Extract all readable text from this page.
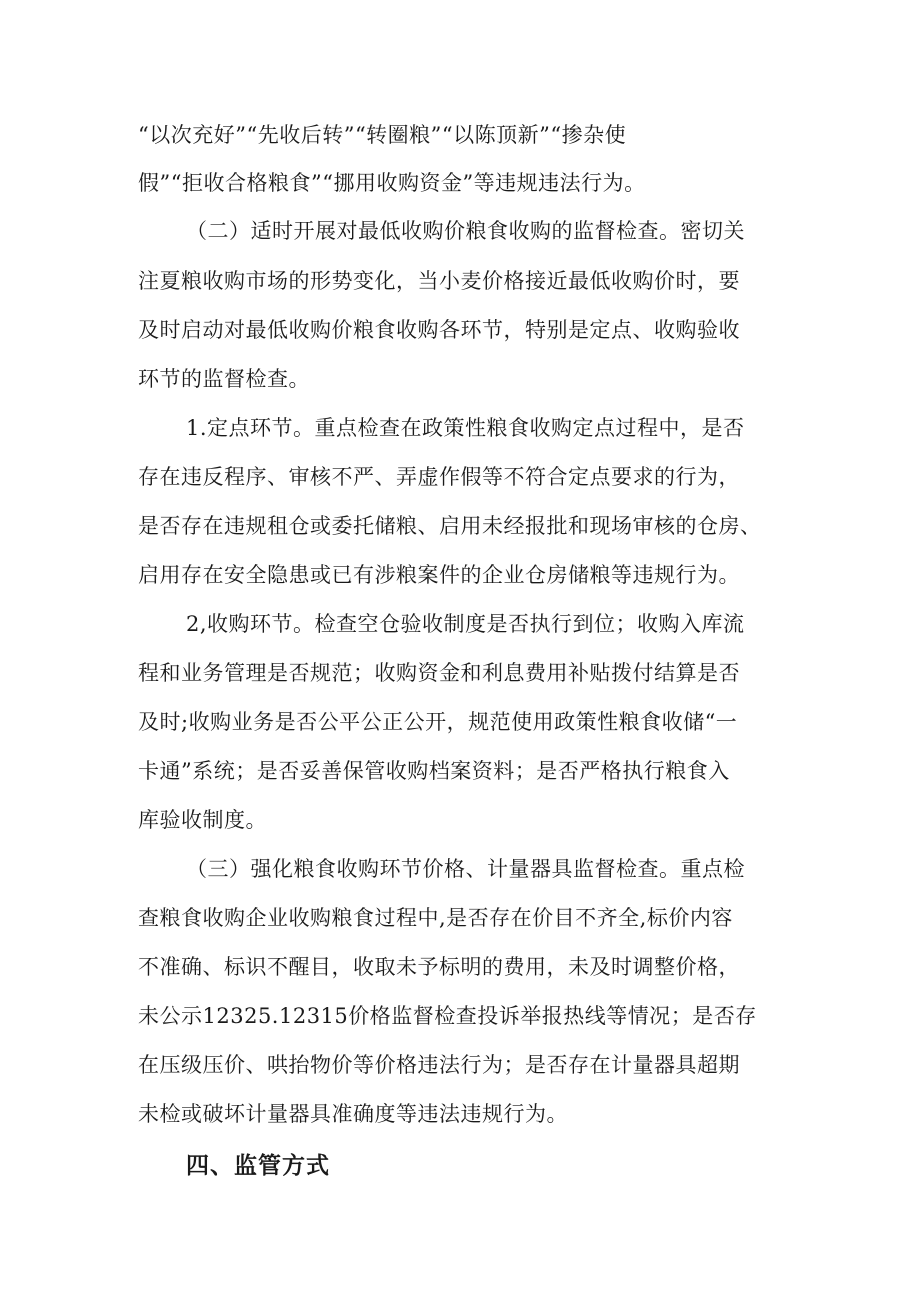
“以次充好”“先收后转”“转圈粮”“以陈顶新”“掺杂使
假”“拒收合格粮食”“挪用收购资金”等违规违法行为。
（二）适时开展对最低收购价粮食收购的监督检查。密切关
注夏粮收购市场的形势变化，当小麦价格接近最低收购价时，要
及时启动对最低收购价粮食收购各环节，特别是定点、收购验收
环节的监督检查。
1.定点环节。重点检查在政策性粮食收购定点过程中，是否
存在违反程序、审核不严、弄虚作假等不符合定点要求的行为，
是否存在违规租仓或委托储粮、启用未经报批和现场审核的仓房、
启用存在安全隐患或已有涉粮案件的企业仓房储粮等违规行为。
2,收购环节。检查空仓验收制度是否执行到位；收购入库流
程和业务管理是否规范；收购资金和利息费用补贴拨付结算是否
及时;收购业务是否公平公正公开，规范使用政策性粮食收储“一
卡通”系统；是否妥善保管收购档案资料；是否严格执行粮食入
库验收制度。
（三）强化粮食收购环节价格、计量器具监督检查。重点检
查粮食收购企业收购粮食过程中,是否存在价目不齐全,标价内容
不准确、标识不醒目，收取未予标明的费用，未及时调整价格，
未公示12325.12315价格监督检查投诉举报热线等情况；是否存
在压级压价、哄抬物价等价格违法行为；是否存在计量器具超期
未检或破坏计量器具准确度等违法违规行为。
四、监管方式
